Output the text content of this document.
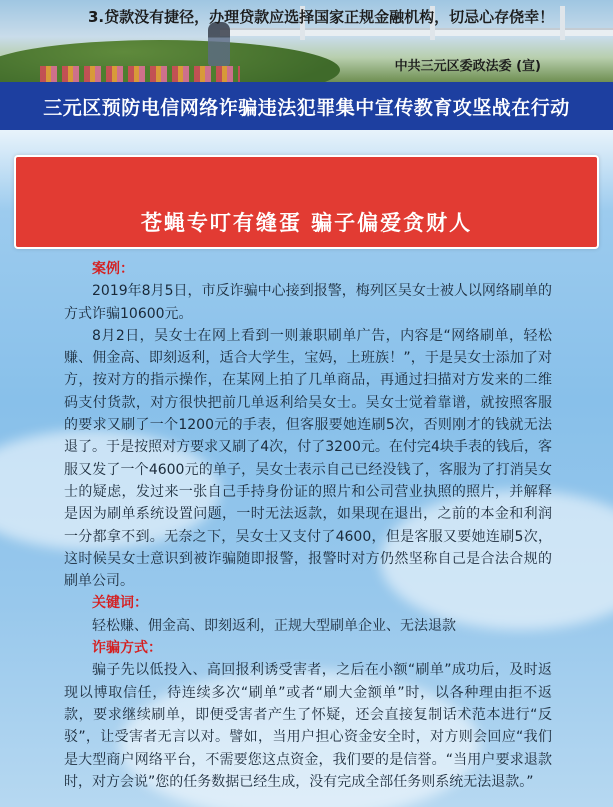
3.贷款没有捷径，办理贷款应选择国家正规金融机构，切忌心存侥幸！
中共三元区委政法委 (宣)
三元区预防电信网络诈骗违法犯罪集中宣传教育攻坚战在行动
苍蝇专叮有缝蛋 骗子偏爱贪财人

案例：

2019年8月5日，市反诈骗中心接到报警，梅列区吴女士被人以网络刷单的方式诈骗10600元。

8月2日，吴女士在网上看到一则兼职刷单广告，内容是“网络刷单，轻松赚、佣金高、即刻返利，适合大学生，宝妈，上班族！”，于是吴女士添加了对方，按对方的指示操作，在某网上拍了几单商品，再通过扫描对方发来的二维码支付货款，对方很快把前几单返利给吴女士。吴女士觉着靠谱，就按照客服的要求又刷了一个1200元的手表，但客服要她连刷5次，否则刚才的钱就无法退了。于是按照对方要求又刷了4次，付了3200元。在付完4块手表的钱后，客服又发了一个4600元的单子，吴女士表示自己已经没钱了，客服为了打消吴女士的疑虑，发过来一张自己手持身份证的照片和公司营业执照的照片，并解释是因为刷单系统设置问题，一时无法返款，如果现在退出，之前的本金和利润一分都拿不到。无奈之下，吴女士又支付了4600，但是客服又要她连刷5次，这时候吴女士意识到被诈骗随即报警，报警时对方仍然坚称自己是合法合规的刷单公司。

关键词：

轻松赚、佣金高、即刻返利，正规大型刷单企业、无法退款

诈骗方式：

骗子先以低投入、高回报利诱受害者，之后在小额“刷单”成功后，及时返现以博取信任，待连续多次“刷单”或者“刷大金额单”时，以各种理由拒不返款，要求继续刷单，即便受害者产生了怀疑，还会直接复制话术范本进行“反驳”，让受害者无言以对。譬如，当用户担心资金安全时，对方则会回应“我们是大型商户网络平台，不需要您这点资金，我们要的是信誉。“当用户要求退款时，对方会说”您的任务数据已经生成，没有完成全部任务则系统无法退款。”
